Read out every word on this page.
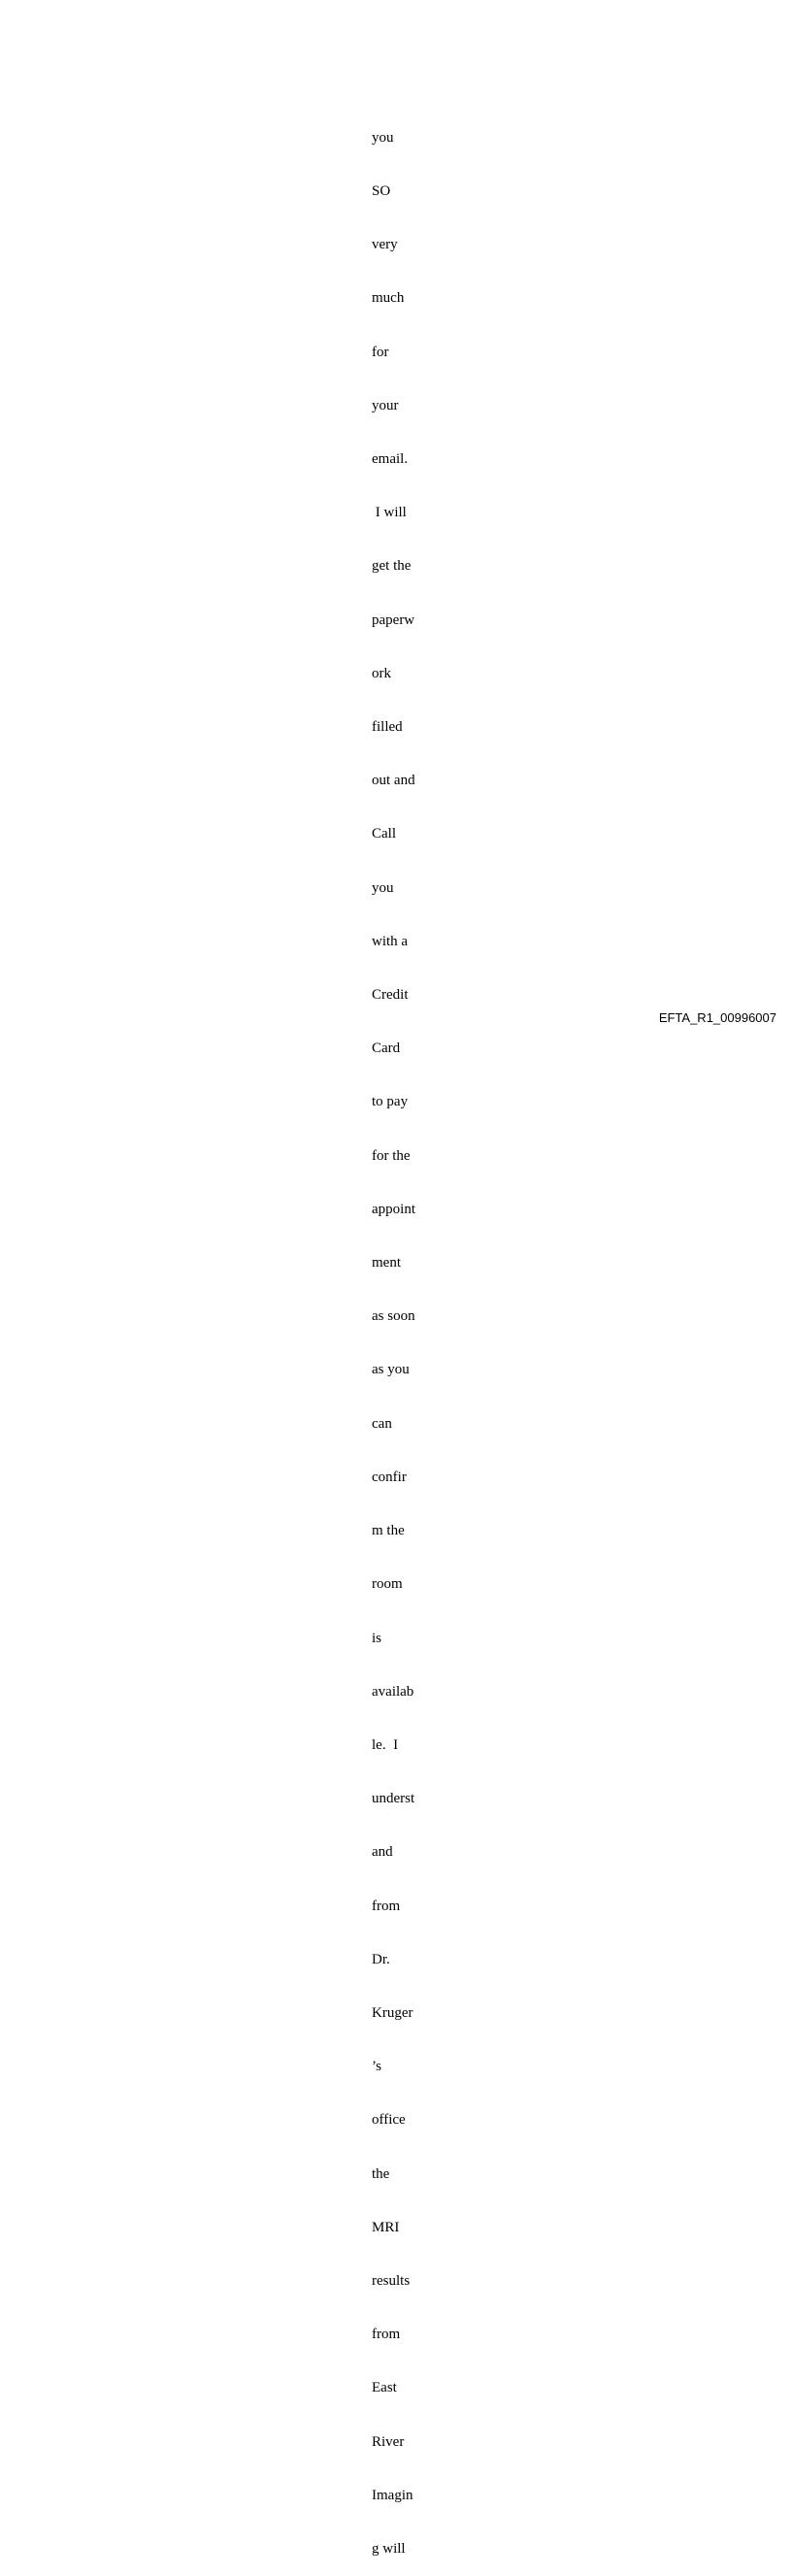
you

SO

very

much

for

your

email.

I will

get the

paperw

ork

filled

out and

Call

you

with a

Credit

Card

to pay

for the

appoint

ment

as soon

as you

can

confir

m the

room

is

availab

le.  I

underst

and

from

Dr.

Kruger

’s

office

the

MRI

results

from

East

River

Imagin

g will

EFTA_R1_00996007
